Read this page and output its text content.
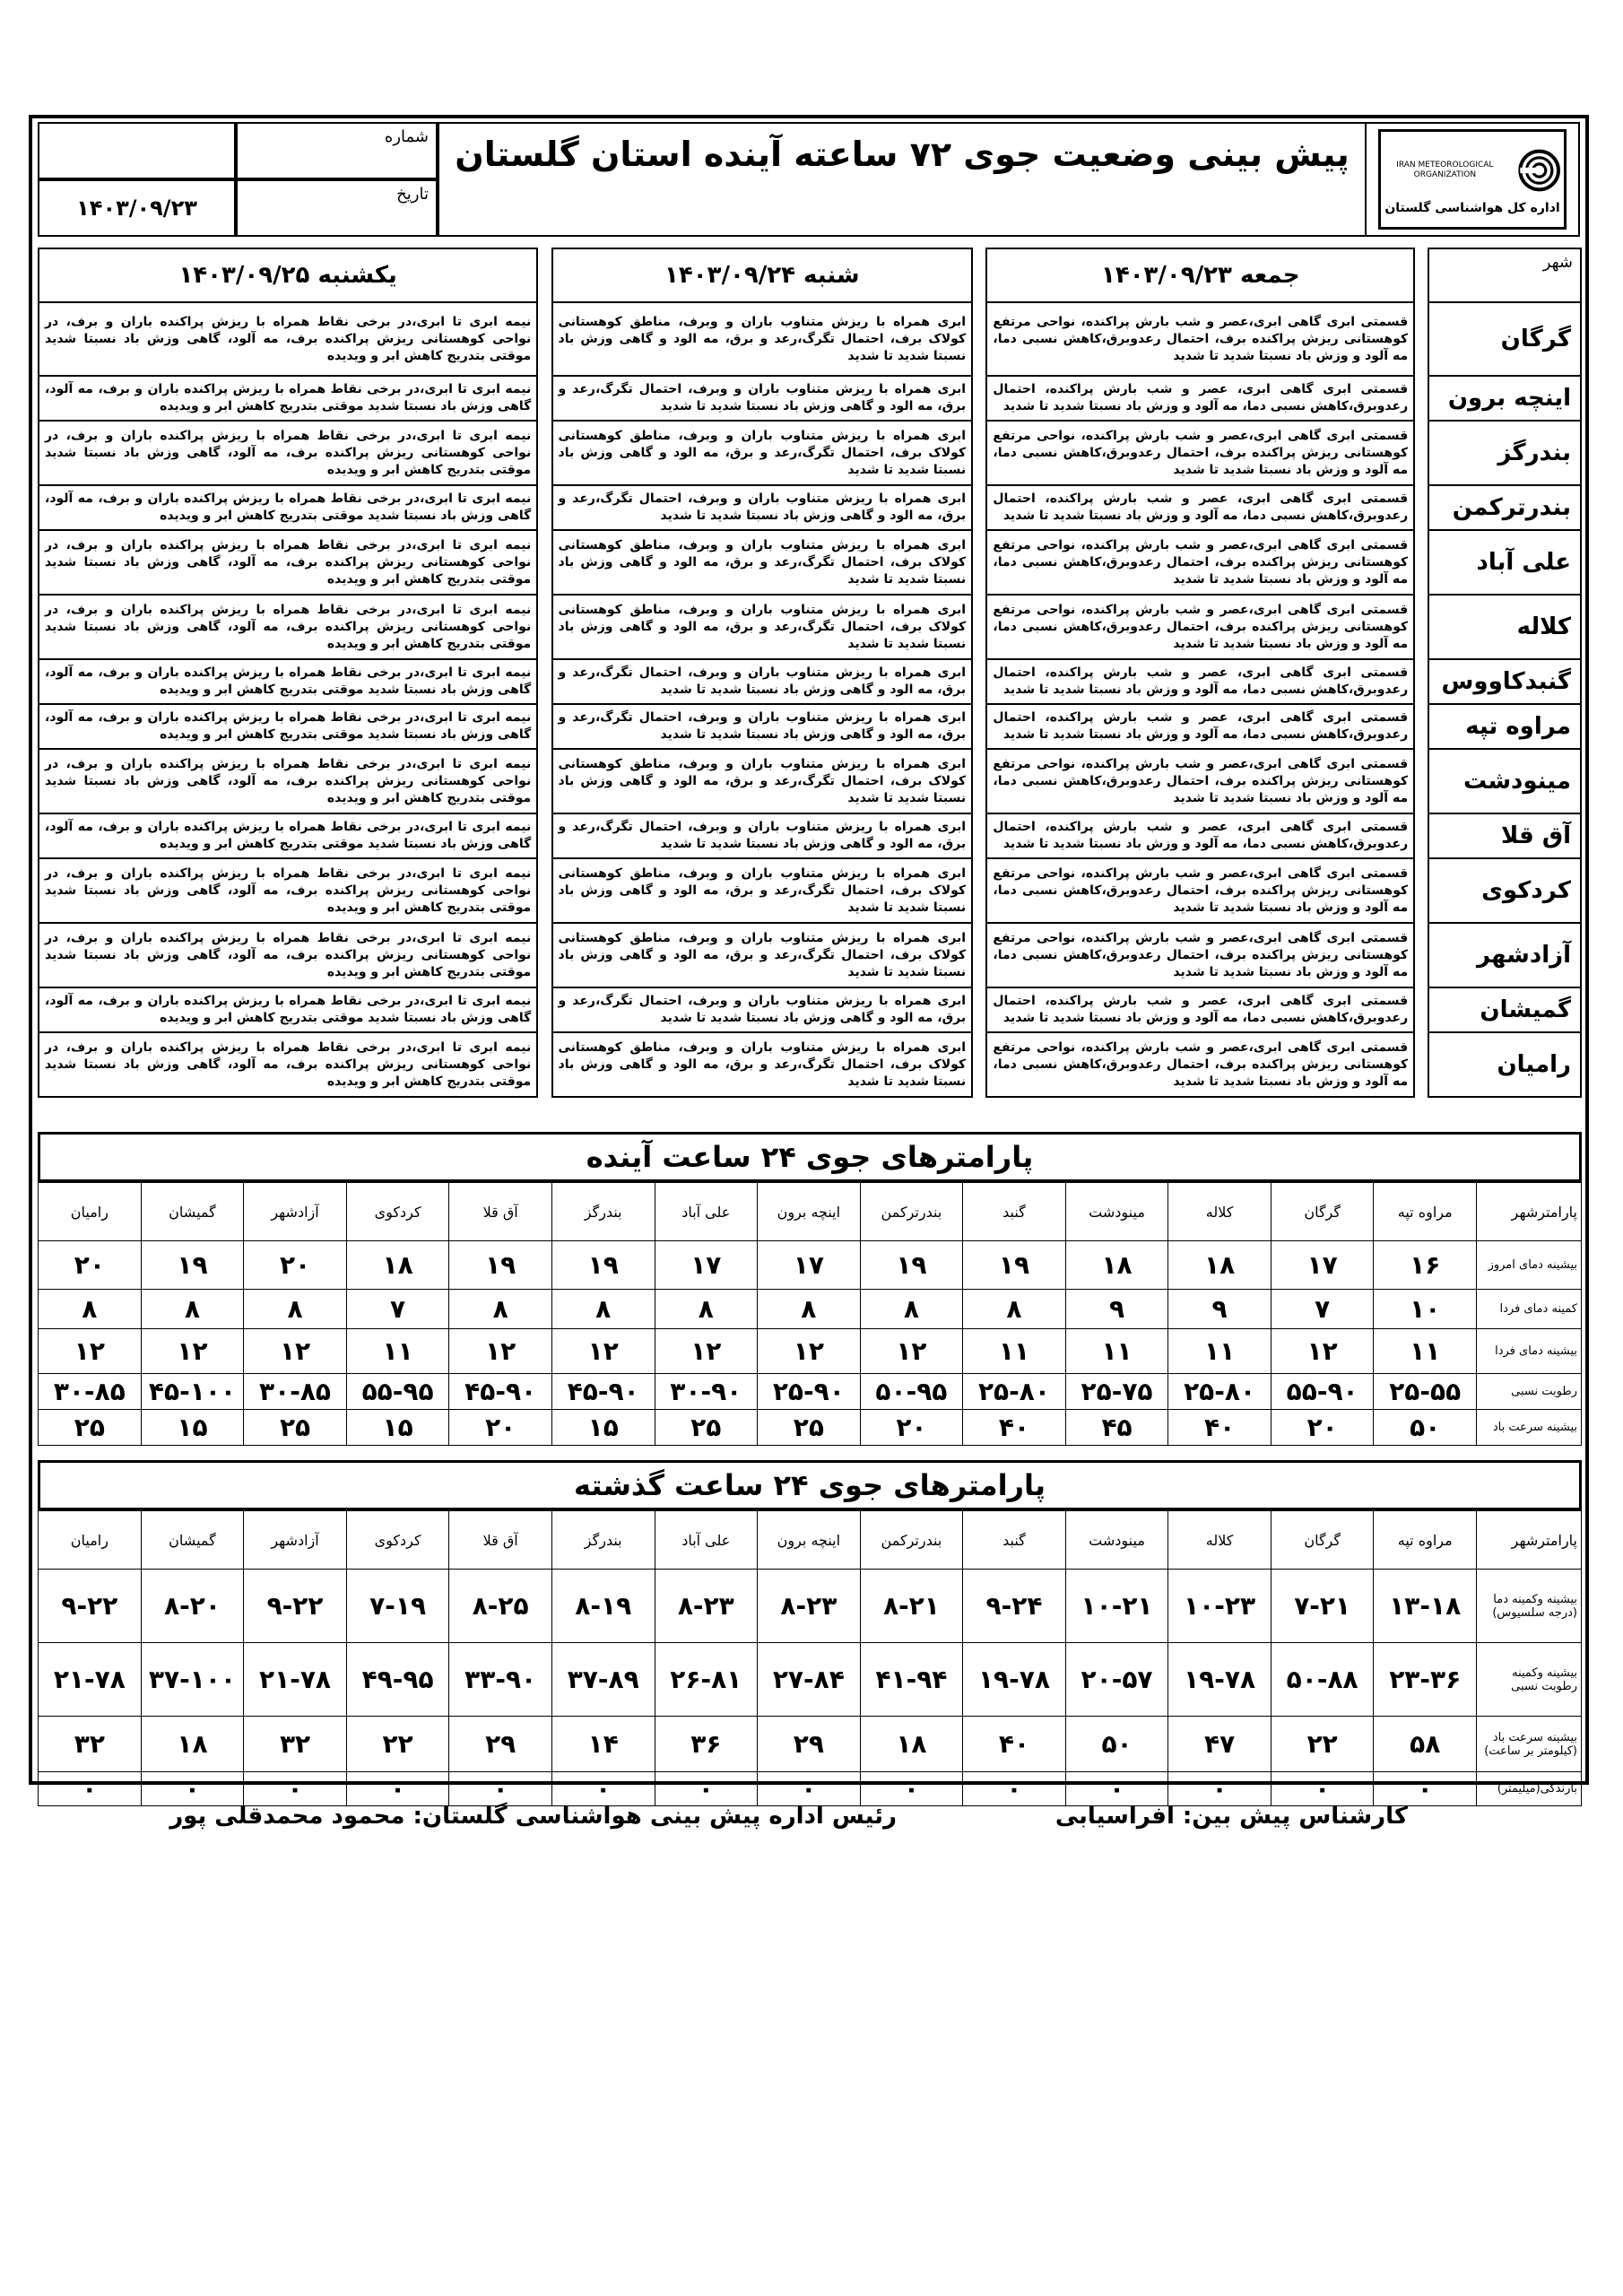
IRAN METEOROLOGICAL ORGANIZATION
اداره کل هواشناسی گلستان
پیش بینی وضعیت جوی ۷۲ ساعته آینده استان گلستان
شماره
تاریخ
۱۴۰۳/۰۹/۲۳
شهر		جمعه ۱۴۰۳/۰۹/۲۳		شنبه ۱۴۰۳/۰۹/۲۴		یکشنبه ۱۴۰۳/۰۹/۲۵
گرگان		قسمتی ابری گاهی ابری،عصر و شب بارش پراکنده، نواحی مرتفع کوهستانی ریزش پراکنده برف، احتمال رعدوبرق،کاهش نسبی دما، مه آلود و وزش باد نسبتا شدید تا شدید		ابری همراه با ریزش متناوب باران و وبرف، مناطق کوهستانی کولاک برف، احتمال تگرگ،رعد و برق، مه الود و گاهی وزش باد نسبتا شدید تا شدید		نیمه ابری تا ابری،در برخی نقاط همراه با ریزش پراکنده باران و برف، در نواحی کوهستانی ریزش پراکنده برف، مه آلود، گاهی وزش باد نسبتا شدید موقتی بتدریج کاهش ابر و ویدیده
اینچه برون		قسمتی ابری گاهی ابری، عصر و شب بارش پراکنده، احتمال رعدوبرق،کاهش نسبی دما، مه آلود و وزش باد نسبتا شدید تا شدید		ابری همراه با ریزش متناوب باران و وبرف، احتمال تگرگ،رعد و برق، مه الود و گاهی وزش باد نسبتا شدید تا شدید		نیمه ابری تا ابری،در برخی نقاط همراه با ریزش پراکنده باران و برف، مه آلود، گاهی وزش باد نسبتا شدید موقتی بتدریج کاهش ابر و ویدیده
بندرگز		قسمتی ابری گاهی ابری،عصر و شب بارش پراکنده، نواحی مرتفع کوهستانی ریزش پراکنده برف، احتمال رعدوبرق،کاهش نسبی دما، مه آلود و وزش باد نسبتا شدید تا شدید		ابری همراه با ریزش متناوب باران و وبرف، مناطق کوهستانی کولاک برف، احتمال تگرگ،رعد و برق، مه الود و گاهی وزش باد نسبتا شدید تا شدید		نیمه ابری تا ابری،در برخی نقاط همراه با ریزش پراکنده باران و برف، در نواحی کوهستانی ریزش پراکنده برف، مه آلود، گاهی وزش باد نسبتا شدید موقتی بتدریج کاهش ابر و ویدیده
بندرترکمن		قسمتی ابری گاهی ابری، عصر و شب بارش پراکنده، احتمال رعدوبرق،کاهش نسبی دما، مه آلود و وزش باد نسبتا شدید تا شدید		ابری همراه با ریزش متناوب باران و وبرف، احتمال تگرگ،رعد و برق، مه الود و گاهی وزش باد نسبتا شدید تا شدید		نیمه ابری تا ابری،در برخی نقاط همراه با ریزش پراکنده باران و برف، مه آلود، گاهی وزش باد نسبتا شدید موقتی بتدریج کاهش ابر و ویدیده
علی آباد		قسمتی ابری گاهی ابری،عصر و شب بارش پراکنده، نواحی مرتفع کوهستانی ریزش پراکنده برف، احتمال رعدوبرق،کاهش نسبی دما، مه آلود و وزش باد نسبتا شدید تا شدید		ابری همراه با ریزش متناوب باران و وبرف، مناطق کوهستانی کولاک برف، احتمال تگرگ،رعد و برق، مه الود و گاهی وزش باد نسبتا شدید تا شدید		نیمه ابری تا ابری،در برخی نقاط همراه با ریزش پراکنده باران و برف، در نواحی کوهستانی ریزش پراکنده برف، مه آلود، گاهی وزش باد نسبتا شدید موقتی بتدریج کاهش ابر و ویدیده
کلاله		قسمتی ابری گاهی ابری،عصر و شب بارش پراکنده، نواحی مرتفع کوهستانی ریزش پراکنده برف، احتمال رعدوبرق،کاهش نسبی دما، مه آلود و وزش باد نسبتا شدید تا شدید		ابری همراه با ریزش متناوب باران و وبرف، مناطق کوهستانی کولاک برف، احتمال تگرگ،رعد و برق، مه الود و گاهی وزش باد نسبتا شدید تا شدید		نیمه ابری تا ابری،در برخی نقاط همراه با ریزش پراکنده باران و برف، در نواحی کوهستانی ریزش پراکنده برف، مه آلود، گاهی وزش باد نسبتا شدید موقتی بتدریج کاهش ابر و ویدیده
گنبدکاووس		قسمتی ابری گاهی ابری، عصر و شب بارش پراکنده، احتمال رعدوبرق،کاهش نسبی دما، مه آلود و وزش باد نسبتا شدید تا شدید		ابری همراه با ریزش متناوب باران و وبرف، احتمال تگرگ،رعد و برق، مه الود و گاهی وزش باد نسبتا شدید تا شدید		نیمه ابری تا ابری،در برخی نقاط همراه با ریزش پراکنده باران و برف، مه آلود، گاهی وزش باد نسبتا شدید موقتی بتدریج کاهش ابر و ویدیده
مراوه تپه		قسمتی ابری گاهی ابری، عصر و شب بارش پراکنده، احتمال رعدوبرق،کاهش نسبی دما، مه آلود و وزش باد نسبتا شدید تا شدید		ابری همراه با ریزش متناوب باران و وبرف، احتمال تگرگ،رعد و برق، مه الود و گاهی وزش باد نسبتا شدید تا شدید		نیمه ابری تا ابری،در برخی نقاط همراه با ریزش پراکنده باران و برف، مه آلود، گاهی وزش باد نسبتا شدید موقتی بتدریج کاهش ابر و ویدیده
مینودشت		قسمتی ابری گاهی ابری،عصر و شب بارش پراکنده، نواحی مرتفع کوهستانی ریزش پراکنده برف، احتمال رعدوبرق،کاهش نسبی دما، مه آلود و وزش باد نسبتا شدید تا شدید		ابری همراه با ریزش متناوب باران و وبرف، مناطق کوهستانی کولاک برف، احتمال تگرگ،رعد و برق، مه الود و گاهی وزش باد نسبتا شدید تا شدید		نیمه ابری تا ابری،در برخی نقاط همراه با ریزش پراکنده باران و برف، در نواحی کوهستانی ریزش پراکنده برف، مه آلود، گاهی وزش باد نسبتا شدید موقتی بتدریج کاهش ابر و ویدیده
آق قلا		قسمتی ابری گاهی ابری، عصر و شب بارش پراکنده، احتمال رعدوبرق،کاهش نسبی دما، مه آلود و وزش باد نسبتا شدید تا شدید		ابری همراه با ریزش متناوب باران و وبرف، احتمال تگرگ،رعد و برق، مه الود و گاهی وزش باد نسبتا شدید تا شدید		نیمه ابری تا ابری،در برخی نقاط همراه با ریزش پراکنده باران و برف، مه آلود، گاهی وزش باد نسبتا شدید موقتی بتدریج کاهش ابر و ویدیده
کردکوی		قسمتی ابری گاهی ابری،عصر و شب بارش پراکنده، نواحی مرتفع کوهستانی ریزش پراکنده برف، احتمال رعدوبرق،کاهش نسبی دما، مه آلود و وزش باد نسبتا شدید تا شدید		ابری همراه با ریزش متناوب باران و وبرف، مناطق کوهستانی کولاک برف، احتمال تگرگ،رعد و برق، مه الود و گاهی وزش باد نسبتا شدید تا شدید		نیمه ابری تا ابری،در برخی نقاط همراه با ریزش پراکنده باران و برف، در نواحی کوهستانی ریزش پراکنده برف، مه آلود، گاهی وزش باد نسبتا شدید موقتی بتدریج کاهش ابر و ویدیده
آزادشهر		قسمتی ابری گاهی ابری،عصر و شب بارش پراکنده، نواحی مرتفع کوهستانی ریزش پراکنده برف، احتمال رعدوبرق،کاهش نسبی دما، مه آلود و وزش باد نسبتا شدید تا شدید		ابری همراه با ریزش متناوب باران و وبرف، مناطق کوهستانی کولاک برف، احتمال تگرگ،رعد و برق، مه الود و گاهی وزش باد نسبتا شدید تا شدید		نیمه ابری تا ابری،در برخی نقاط همراه با ریزش پراکنده باران و برف، در نواحی کوهستانی ریزش پراکنده برف، مه آلود، گاهی وزش باد نسبتا شدید موقتی بتدریج کاهش ابر و ویدیده
گمیشان		قسمتی ابری گاهی ابری، عصر و شب بارش پراکنده، احتمال رعدوبرق،کاهش نسبی دما، مه آلود و وزش باد نسبتا شدید تا شدید		ابری همراه با ریزش متناوب باران و وبرف، احتمال تگرگ،رعد و برق، مه الود و گاهی وزش باد نسبتا شدید تا شدید		نیمه ابری تا ابری،در برخی نقاط همراه با ریزش پراکنده باران و برف، مه آلود، گاهی وزش باد نسبتا شدید موقتی بتدریج کاهش ابر و ویدیده
رامیان		قسمتی ابری گاهی ابری،عصر و شب بارش پراکنده، نواحی مرتفع کوهستانی ریزش پراکنده برف، احتمال رعدوبرق،کاهش نسبی دما، مه آلود و وزش باد نسبتا شدید تا شدید		ابری همراه با ریزش متناوب باران و وبرف، مناطق کوهستانی کولاک برف، احتمال تگرگ،رعد و برق، مه الود و گاهی وزش باد نسبتا شدید تا شدید		نیمه ابری تا ابری،در برخی نقاط همراه با ریزش پراکنده باران و برف، در نواحی کوهستانی ریزش پراکنده برف، مه آلود، گاهی وزش باد نسبتا شدید موقتی بتدریج کاهش ابر و ویدیده
پارامترهای جوی ۲۴ ساعت آینده
پارامترشهر	مراوه تپه	گرگان	کلاله	مینودشت	گنبد	بندرترکمن	اینچه برون	علی آباد	بندرگز	آق قلا	کردکوی	آزادشهر	گمیشان	رامیان
بیشینه دمای امروز	۱۶	۱۷	۱۸	۱۸	۱۹	۱۹	۱۷	۱۷	۱۹	۱۹	۱۸	۲۰	۱۹	۲۰
کمینه دمای فردا	۱۰	۷	۹	۹	۸	۸	۸	۸	۸	۸	۷	۸	۸	۸
بیشینه دمای فردا	۱۱	۱۲	۱۱	۱۱	۱۱	۱۲	۱۲	۱۲	۱۲	۱۲	۱۱	۱۲	۱۲	۱۲
رطوبت نسبی	۲۵-۵۵	۵۵-۹۰	۲۵-۸۰	۲۵-۷۵	۲۵-۸۰	۵۰-۹۵	۲۵-۹۰	۳۰-۹۰	۴۵-۹۰	۴۵-۹۰	۵۵-۹۵	۳۰-۸۵	۴۵-۱۰۰	۳۰-۸۵
بیشینه سرعت باد	۵۰	۲۰	۴۰	۴۵	۴۰	۲۰	۲۵	۲۵	۱۵	۲۰	۱۵	۲۵	۱۵	۲۵
پارامترهای جوی ۲۴ ساعت گذشته
پارامترشهر	مراوه تپه	گرگان	کلاله	مینودشت	گنبد	بندرترکمن	اینچه برون	علی آباد	بندرگز	آق قلا	کردکوی	آزادشهر	گمیشان	رامیان
بیشینه وکمینه دما (درجه سلسیوس)	۱۳-۱۸	۷-۲۱	۱۰-۲۳	۱۰-۲۱	۹-۲۴	۸-۲۱	۸-۲۳	۸-۲۳	۸-۱۹	۸-۲۵	۷-۱۹	۹-۲۲	۸-۲۰	۹-۲۲
بیشینه وکمینه رطوبت نسبی	۲۳-۳۶	۵۰-۸۸	۱۹-۷۸	۲۰-۵۷	۱۹-۷۸	۴۱-۹۴	۲۷-۸۴	۲۶-۸۱	۳۷-۸۹	۳۳-۹۰	۴۹-۹۵	۲۱-۷۸	۳۷-۱۰۰	۲۱-۷۸
بیشینه سرعت باد (کیلومتر بر ساعت)	۵۸	۲۲	۴۷	۵۰	۴۰	۱۸	۲۹	۳۶	۱۴	۲۹	۲۲	۳۲	۱۸	۳۲
بارندگی(میلیمتر)	۰	۰	۰	۰	۰	۰	۰	۰	۰	۰	۰	۰	۰	۰
کارشناس پیش بین: افراسیابی
رئیس اداره پیش بینی هواشناسی گلستان: محمود محمدقلی پور
